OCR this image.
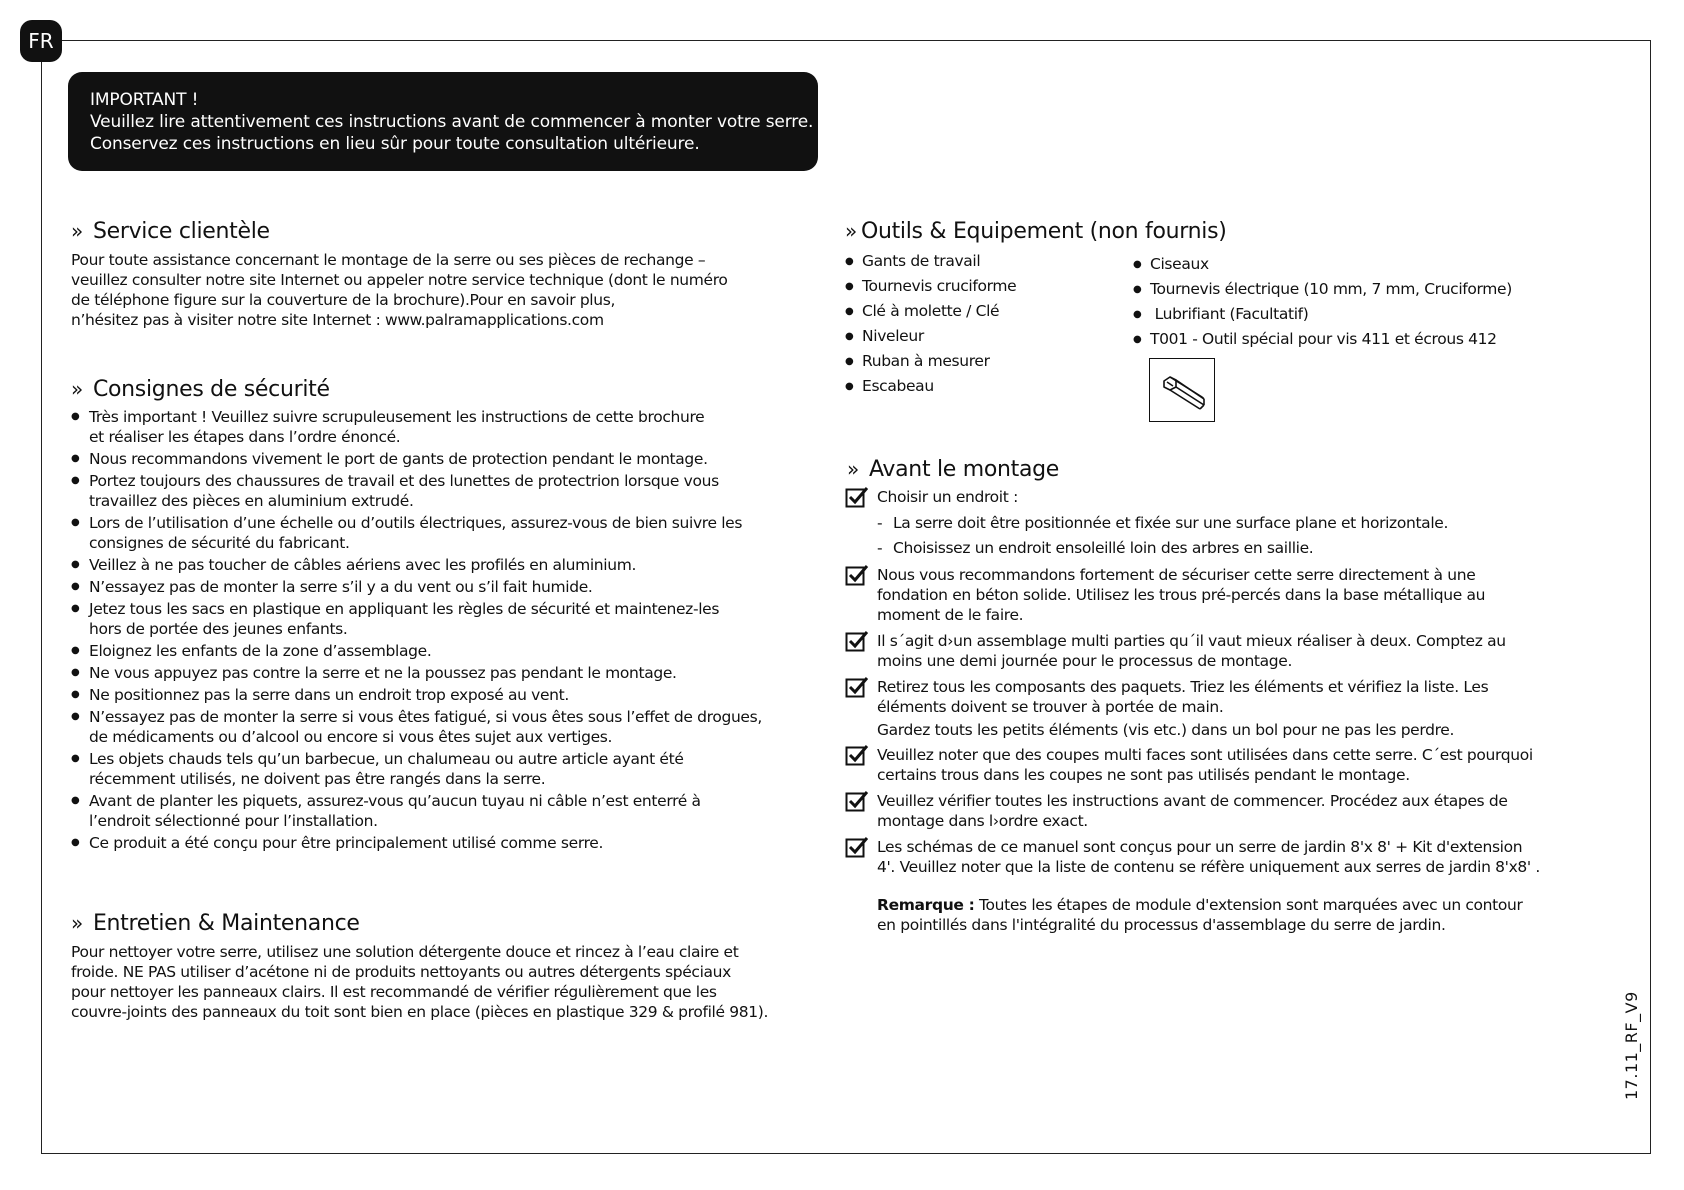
FR
IMPORTANT !
Veuillez lire attentivement ces instructions avant de commencer à monter votre serre.
Conservez ces instructions en lieu sûr pour toute consultation ultérieure.
» Service clientèle

Pour toute assistance concernant le montage de la serre ou ses pièces de rechange –

veuillez consulter notre site Internet ou appeler notre service technique (dont le numéro

de téléphone figure sur la couverture de la brochure).Pour en savoir plus,

n’hésitez pas à visiter notre site Internet : www.palramapplications.com

» Consignes de sécurité
● Très important ! Veuillez suivre scrupuleusement les instructions de cette brochure
et réaliser les étapes dans l’ordre énoncé.
● Nous recommandons vivement le port de gants de protection pendant le montage.
● Portez toujours des chaussures de travail et des lunettes de protectrion lorsque vous
travaillez des pièces en aluminium extrudé.
● Lors de l’utilisation d’une échelle ou d’outils électriques, assurez-vous de bien suivre les
consignes de sécurité du fabricant.
● Veillez à ne pas toucher de câbles aériens avec les profilés en aluminium.
● N’essayez pas de monter la serre s’il y a du vent ou s’il fait humide.
● Jetez tous les sacs en plastique en appliquant les règles de sécurité et maintenez-les
hors de portée des jeunes enfants.
● Eloignez les enfants de la zone d’assemblage.
● Ne vous appuyez pas contre la serre et ne la poussez pas pendant le montage.
● Ne positionnez pas la serre dans un endroit trop exposé au vent.
● N’essayez pas de monter la serre si vous êtes fatigué, si vous êtes sous l’effet de drogues,
de médicaments ou d’alcool ou encore si vous êtes sujet aux vertiges.
● Les objets chauds tels qu’un barbecue, un chalumeau ou autre article ayant été
récemment utilisés, ne doivent pas être rangés dans la serre.
● Avant de planter les piquets, assurez-vous qu’aucun tuyau ni câble n’est enterré à
l’endroit sélectionné pour l’installation.
● Ce produit a été conçu pour être principalement utilisé comme serre.
» Entretien & Maintenance

Pour nettoyer votre serre, utilisez une solution détergente douce et rincez à l’eau claire et

froide. NE PAS utiliser d’acétone ni de produits nettoyants ou autres détergents spéciaux

pour nettoyer les panneaux clairs. Il est recommandé de vérifier régulièrement que les

couvre-joints des panneaux du toit sont bien en place (pièces en plastique 329 & profilé 981).

» Outils & Equipement (non fournis)
● Gants de travail
● Tournevis cruciforme
● Clé à molette / Clé
● Niveleur
● Ruban à mesurer
● Escabeau
● Ciseaux
● Tournevis électrique (10 mm, 7 mm, Cruciforme)
●  Lubrifiant (Facultatif)
● T001 - Outil spécial pour vis 411 et écrous 412
» Avant le montage

Choisir un endroit :

- La serre doit être positionnée et fixée sur une surface plane et horizontale.
- Choisissez un endroit ensoleillé loin des arbres en saillie.

Nous vous recommandons fortement de sécuriser cette serre directement à une

fondation en béton solide. Utilisez les trous pré-percés dans la base métallique au

moment de le faire.

Il s´agit d›un assemblage multi parties qu´il vaut mieux réaliser à deux. Comptez au

moins une demi journée pour le processus de montage.

Retirez tous les composants des paquets. Triez les éléments et vérifiez la liste. Les

éléments doivent se trouver à portée de main.

Gardez touts les petits éléments (vis etc.) dans un bol pour ne pas les perdre.

Veuillez noter que des coupes multi faces sont utilisées dans cette serre. C´est pourquoi

certains trous dans les coupes ne sont pas utilisés pendant le montage.

Veuillez vérifier toutes les instructions avant de commencer. Procédez aux étapes de

montage dans l›ordre exact.

Les schémas de ce manuel sont conçus pour un serre de jardin 8'x 8' + Kit d'extension

4'. Veuillez noter que la liste de contenu se réfère uniquement aux serres de jardin 8'x8' .

Remarque : Toutes les étapes de module d'extension sont marquées avec un contour

en pointillés dans l'intégralité du processus d'assemblage du serre de jardin.

17.11_RF_V9
